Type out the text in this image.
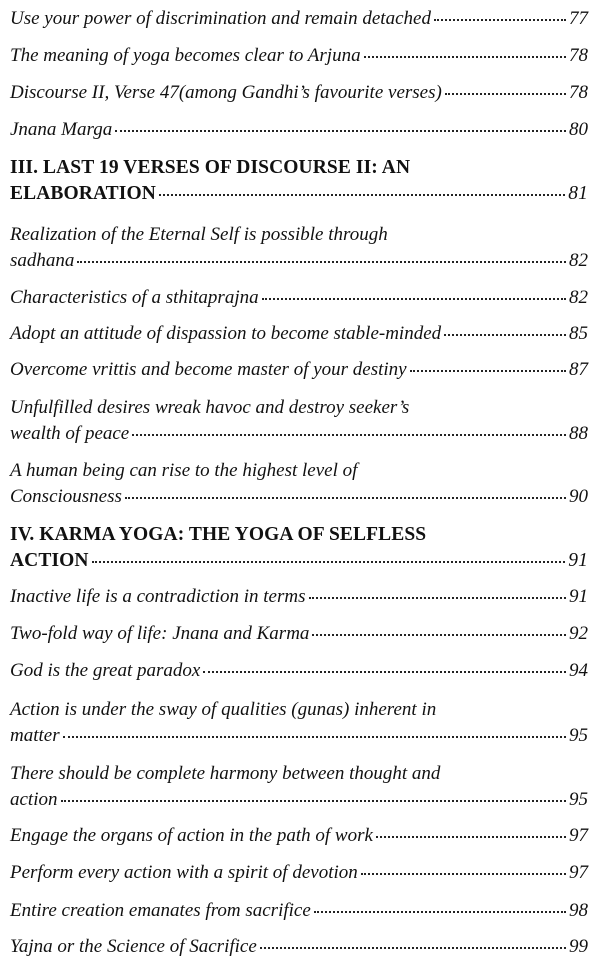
Use your power of discrimination and remain detached	77
The meaning of yoga becomes clear to Arjuna	78
Discourse II, Verse 47(among Gandhi’s favourite verses)	78
Jnana Marga	80
III. LAST 19 VERSES OF DISCOURSE II: AN
ELABORATION	81
Realization of the Eternal Self is possible through
sadhana	82
Characteristics of a sthitaprajna	82
Adopt an attitude of dispassion to become stable-minded	85
Overcome vrittis and become master of your destiny	87
Unfulfilled desires wreak havoc and destroy seeker’s
wealth of peace	88
A human being can rise to the highest level of
Consciousness	90
IV. KARMA YOGA: THE YOGA OF SELFLESS
ACTION	91
Inactive life is a contradiction in terms	91
Two-fold way of life: Jnana and Karma	92
God is the great paradox	94
Action is under the sway of qualities (gunas) inherent in
matter	95
There should be complete harmony between thought and
action	95
Engage the organs of action in the path of work	97
Perform every action with a spirit of devotion	97
Entire creation emanates from sacrifice	98
Yajna or the Science of Sacrifice	99
